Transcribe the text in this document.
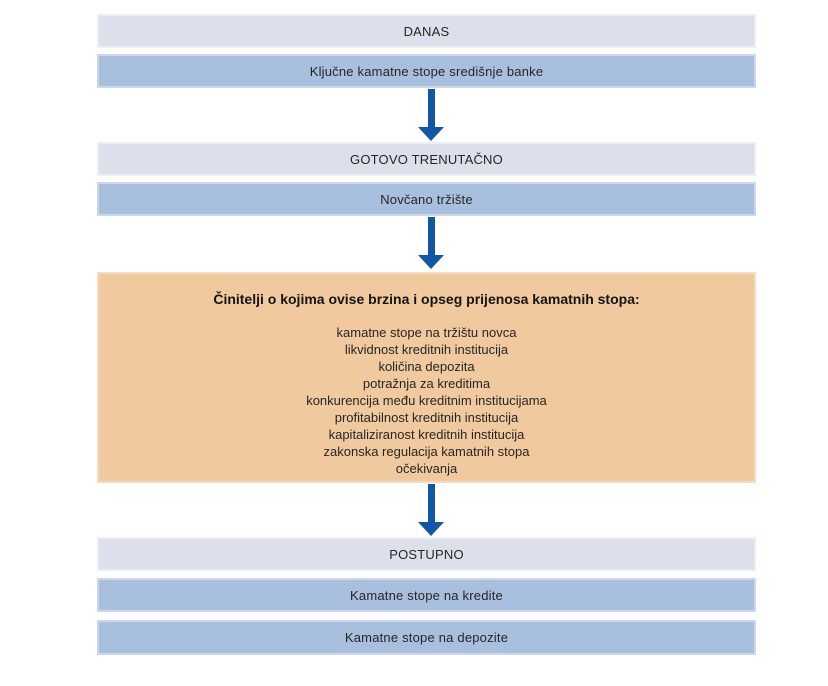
DANAS
Ključne kamatne stope središnje banke
GOTOVO TRENUTAČNO
Novčano tržište
Činitelji o kojima ovise brzina i opseg prijenosa kamatnih stopa:
kamatne stope na tržištu novca
likvidnost kreditnih institucija
količina depozita
potražnja za kreditima
konkurencija među kreditnim institucijama
profitabilnost kreditnih institucija
kapitaliziranost kreditnih institucija
zakonska regulacija kamatnih stopa
očekivanja
POSTUPNO
Kamatne stope na kredite
Kamatne stope na depozite
